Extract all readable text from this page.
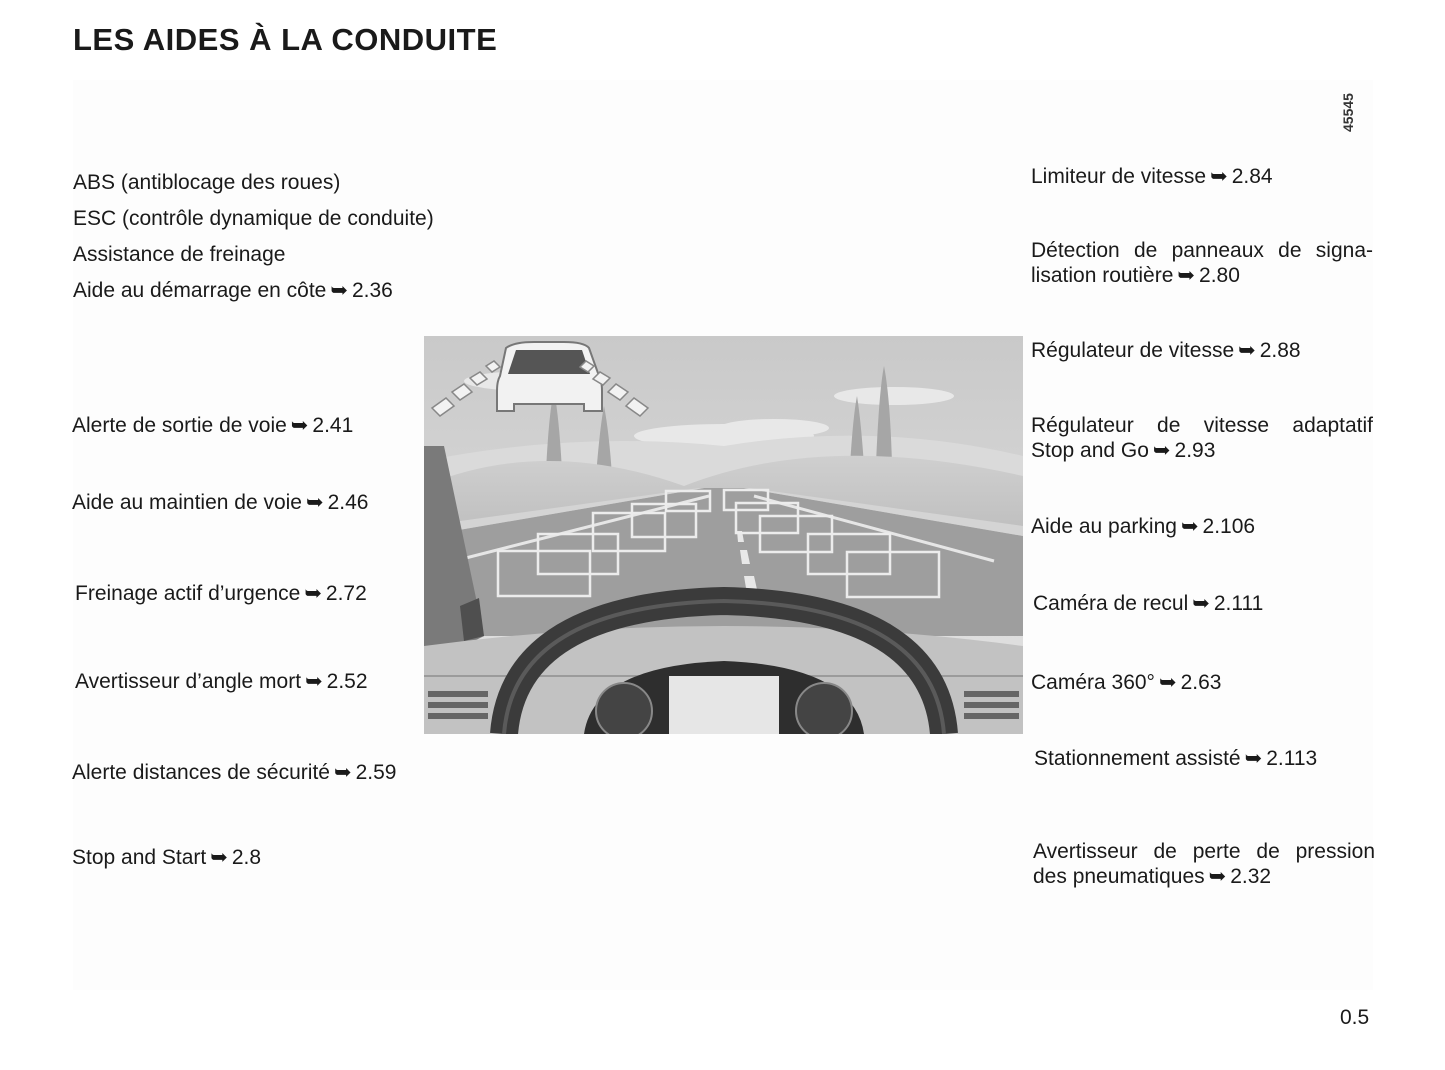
LES AIDES À LA CONDUITE
45545
ABS (antiblocage des roues)
ESC (contrôle dynamique de conduite)
Assistance de freinage
Aide au démarrage en côte ➥ 2.36
Alerte de sortie de voie ➥ 2.41
Aide au maintien de voie ➥ 2.46
Freinage actif d’urgence ➥ 2.72
Avertisseur d’angle mort ➥ 2.52
Alerte distances de sécurité ➥ 2.59
Stop and Start ➥ 2.8
Limiteur de vitesse ➥ 2.84
Détection de panneaux de signa-
lisation routière ➥ 2.80
Régulateur de vitesse ➥ 2.88
Régulateur de vitesse adaptatif
Stop and Go ➥ 2.93
Aide au parking ➥ 2.106
Caméra de recul ➥ 2.111
Caméra 360° ➥ 2.63
Stationnement assisté ➥ 2.113
Avertisseur de perte de pression
des pneumatiques ➥ 2.32
0.5
